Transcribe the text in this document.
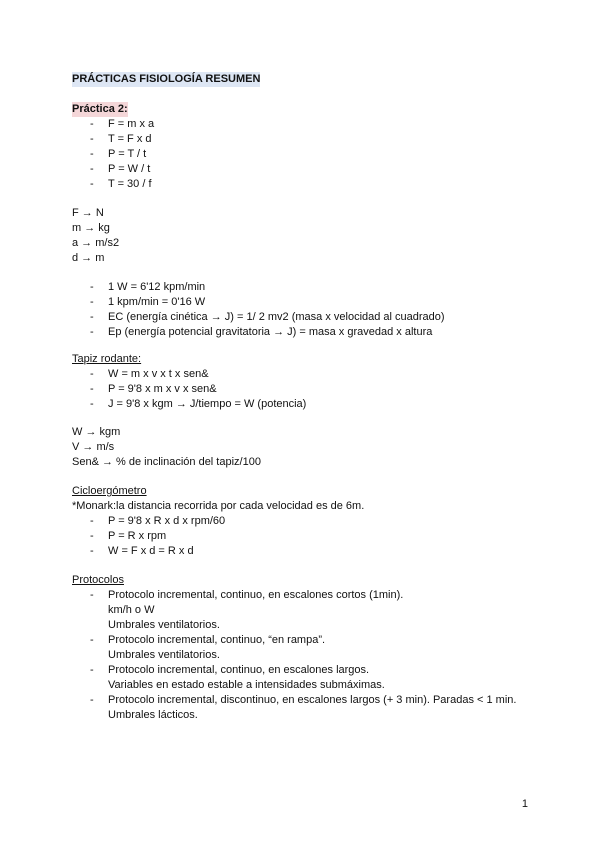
PRÁCTICAS FISIOLOGÍA RESUMEN
Práctica 2:
- F = m x a
- T = F x d
- P = T / t
- P = W / t
- T = 30 / f
F → N
m → kg
a → m/s2
d → m
- 1 W = 6'12 kpm/min
- 1 kpm/min = 0'16 W
- EC (energía cinética → J) = 1/ 2 mv2 (masa x velocidad al cuadrado)
- Ep (energía potencial gravitatoria → J) = masa x gravedad x altura
Tapiz rodante:
- W = m x v x t x sen&
- P = 9'8 x m x v x sen&
- J = 9'8 x kgm → J/tiempo = W (potencia)
W → kgm
V → m/s
Sen& → % de inclinación del tapiz/100
Cicloergómetro
*Monark:la distancia recorrida por cada velocidad es de 6m.
- P = 9'8 x R x d x rpm/60
- P = R x rpm
- W = F x d = R x d
Protocolos
- Protocolo incremental, continuo, en escalones cortos (1min).
km/h o W
Umbrales ventilatorios.
- Protocolo incremental, continuo, “en rampa”.
Umbrales ventilatorios.
- Protocolo incremental, continuo, en escalones largos.
Variables en estado estable a intensidades submáximas.
- Protocolo incremental, discontinuo, en escalones largos (+ 3 min). Paradas < 1 min.
Umbrales lácticos.
1
